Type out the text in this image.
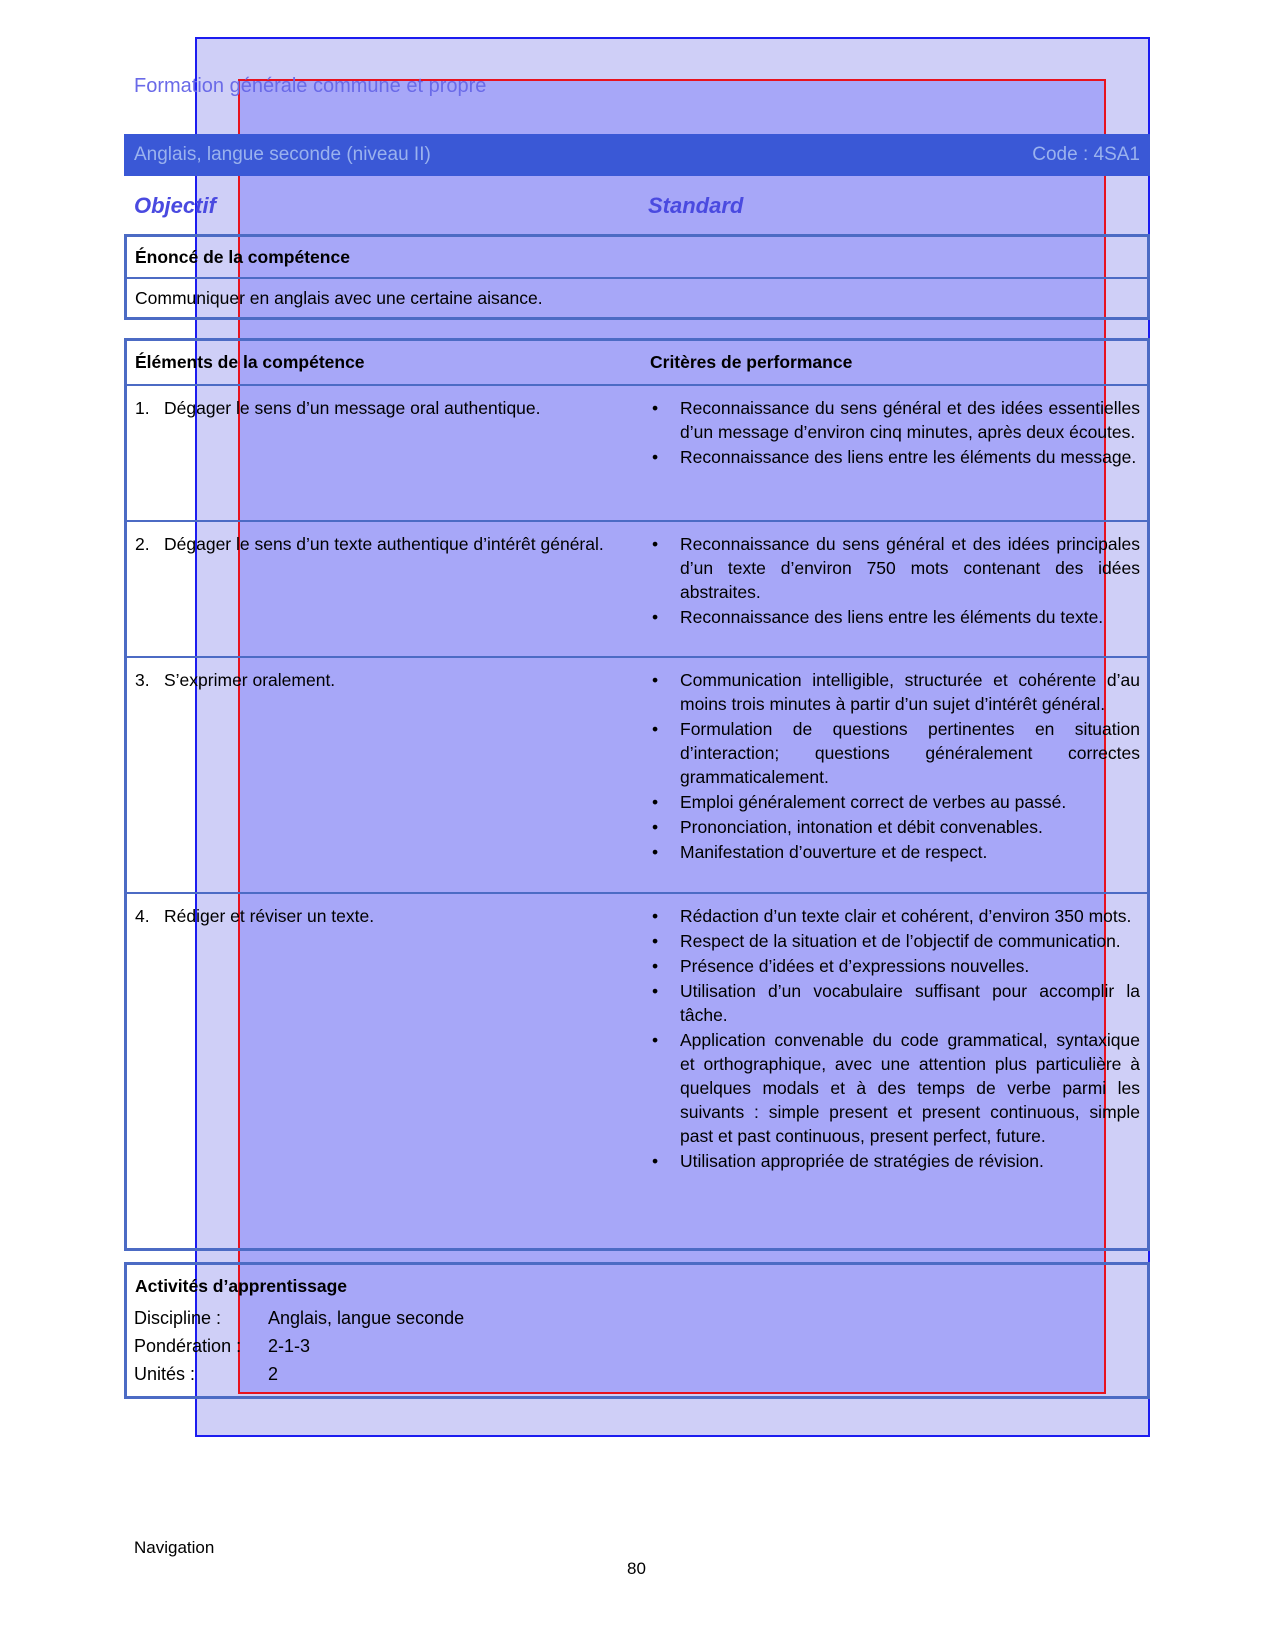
Formation générale commune et propre
Anglais, langue seconde (niveau II)	Code : 4SA1
Objectif	Standard
Énoncé de la compétence
Communiquer en anglais avec une certaine aisance.
Éléments de la compétence	Critères de performance
1. Dégager le sens d’un message oral authentique.	• Reconnaissance du sens général et des idées essentielles d’un message d’environ cinq minutes, après deux écoutes.
• Reconnaissance des liens entre les éléments du message.
2. Dégager le sens d’un texte authentique d’intérêt général.	• Reconnaissance du sens général et des idées principales d’un texte d’environ 750 mots contenant des idées abstraites.
• Reconnaissance des liens entre les éléments du texte.
3. S’exprimer oralement.	• Communication intelligible, structurée et cohérente d’au moins trois minutes à partir d’un sujet d’intérêt général.
• Formulation de questions pertinentes en situation d’interaction; questions généralement correctes grammaticalement.
• Emploi généralement correct de verbes au passé.
• Prononciation, intonation et débit convenables.
• Manifestation d’ouverture et de respect.
4. Rédiger et réviser un texte.	• Rédaction d’un texte clair et cohérent, d’environ 350 mots.
• Respect de la situation et de l’objectif de communication.
• Présence d’idées et d’expressions nouvelles.
• Utilisation d’un vocabulaire suffisant pour accomplir la tâche.
• Application convenable du code grammatical, syntaxique et orthographique, avec une attention plus particulière à quelques modals et à des temps de verbe parmi les suivants : simple present et present continuous, simple past et past continuous, present perfect, future.
• Utilisation appropriée de stratégies de révision.
Activités d’apprentissage
Discipline :	Anglais, langue seconde
Pondération : 2-1-3
Unités :	2
Navigation
80
